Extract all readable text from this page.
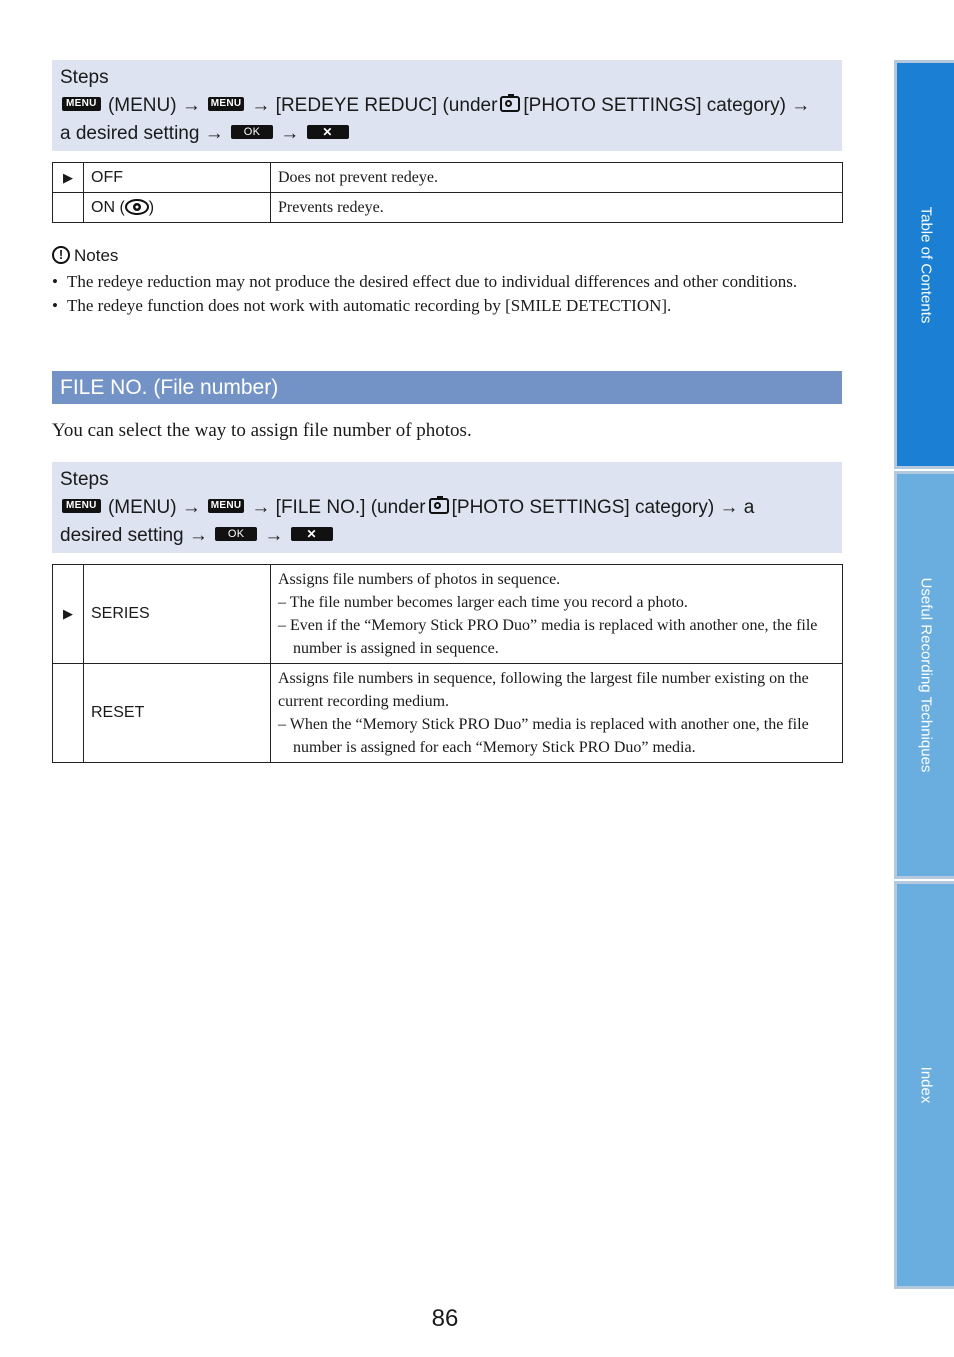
Steps
MENU (MENU) → MENU → [REDEYE REDUC] (under [PHOTO SETTINGS] category) →
a desired setting → OK → ✕
▶	OFF	Does not prevent redeye.
	ON ( )	Prevents redeye.
! Notes
• The redeye reduction may not produce the desired effect due to individual differences and other conditions.
• The redeye function does not work with automatic recording by [SMILE DETECTION].
FILE NO. (File number)
You can select the way to assign file number of photos.
Steps
MENU (MENU) → MENU → [FILE NO.] (under [PHOTO SETTINGS] category) → a
desired setting → OK → ✕
▶	SERIES	Assigns file numbers of photos in sequence.
– The file number becomes larger each time you record a photo.
– Even if the “Memory Stick PRO Duo” media is replaced with another one, the file number is assigned in sequence.

	RESET	Assigns file numbers in sequence, following the largest file number existing on the current recording medium.
– When the “Memory Stick PRO Duo” media is replaced with another one, the file number is assigned for each “Memory Stick PRO Duo” media.
Table of Contents
Useful Recording Techniques
Index
86
